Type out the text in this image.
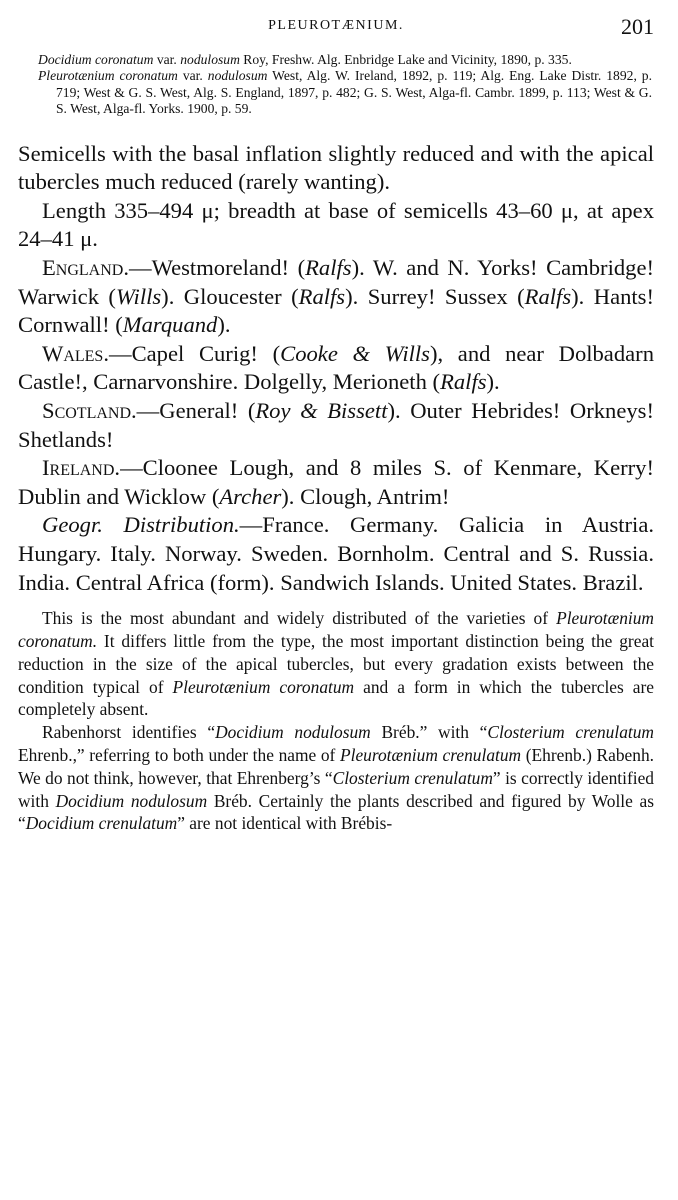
PLEUROTÆNIUM.	201

Docidium coronatum var. nodulosum Roy, Freshw. Alg. Enbridge Lake and Vicinity, 1890, p. 335.

Pleurotænium coronatum var. nodulosum West, Alg. W. Ireland, 1892, p. 119; Alg. Eng. Lake Distr. 1892, p. 719; West & G. S. West, Alg. S. England, 1897, p. 482; G. S. West, Alga-fl. Cambr. 1899, p. 113; West & G. S. West, Alga-fl. Yorks. 1900, p. 59.

Semicells with the basal inflation slightly reduced and with the apical tubercles much reduced (rarely wanting).

Length 335–494 μ; breadth at base of semicells 43–60 μ, at apex 24–41 μ.

England.—Westmoreland! (Ralfs). W. and N. Yorks! Cambridge! Warwick (Wills). Gloucester (Ralfs). Surrey! Sussex (Ralfs). Hants! Cornwall! (Marquand).

Wales.—Capel Curig! (Cooke & Wills), and near Dolbadarn Castle!, Carnarvonshire. Dolgelly, Merioneth (Ralfs).

Scotland.—General! (Roy & Bissett). Outer Hebrides! Orkneys! Shetlands!

Ireland.—Cloonee Lough, and 8 miles S. of Kenmare, Kerry! Dublin and Wicklow (Archer). Clough, Antrim!

Geogr. Distribution.—France. Germany. Galicia in Austria. Hungary. Italy. Norway. Sweden. Bornholm. Central and S. Russia. India. Central Africa (form). Sandwich Islands. United States. Brazil.

This is the most abundant and widely distributed of the varieties of Pleurotænium coronatum. It differs little from the type, the most important distinction being the great reduction in the size of the apical tubercles, but every gradation exists between the condition typical of Pleurotænium coronatum and a form in which the tubercles are completely absent.

Rabenhorst identifies “Docidium nodulosum Bréb.” with “Closterium crenulatum Ehrenb.,” referring to both under the name of Pleurotænium crenulatum (Ehrenb.) Rabenh. We do not think, however, that Ehrenberg’s “Closterium crenulatum” is correctly identified with Docidium nodulosum Bréb. Certainly the plants described and figured by Wolle as “Docidium crenulatum” are not identical with Brébis-
